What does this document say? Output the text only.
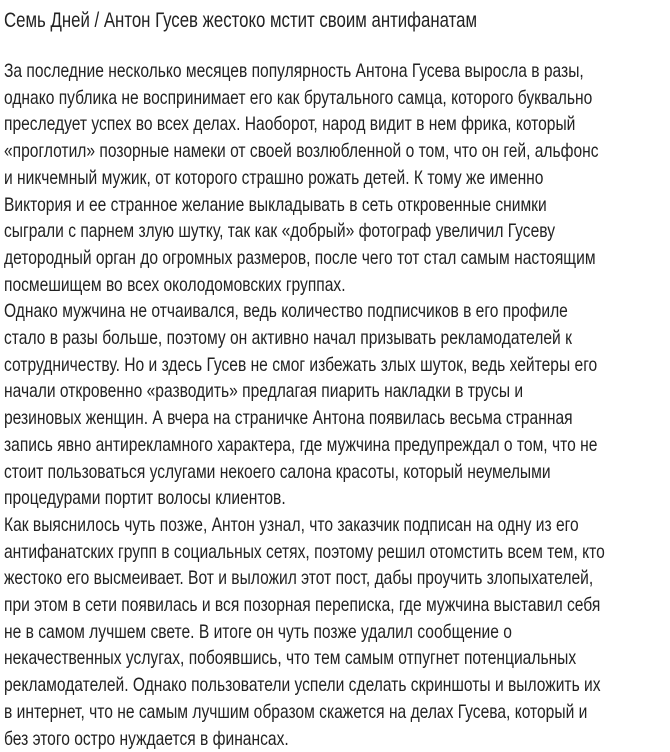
Семь Дней / Антон Гусев жестоко мстит своим антифанатам

За последние несколько месяцев популярность Антона Гусева выросла в разы,
однако публика не воспринимает его как брутального самца, которого буквально
преследует успех во всех делах. Наоборот, народ видит в нем фрика, который
«проглотил» позорные намеки от своей возлюбленной о том, что он гей, альфонс
и никчемный мужик, от которого страшно рожать детей. К тому же именно
Виктория и ее странное желание выкладывать в сеть откровенные снимки
сыграли с парнем злую шутку, так как «добрый» фотограф увеличил Гусеву
детородный орган до огромных размеров, после чего тот стал самым настоящим
посмешищем во всех околодомовских группах.

Однако мужчина не отчаивался, ведь количество подписчиков в его профиле
стало в разы больше, поэтому он активно начал призывать рекламодателей к
сотрудничеству. Но и здесь Гусев не смог избежать злых шуток, ведь хейтеры его
начали откровенно «разводить» предлагая пиарить накладки в трусы и
резиновых женщин. А вчера на страничке Антона появилась весьма странная
запись явно антирекламного характера, где мужчина предупреждал о том, что не
стоит пользоваться услугами некоего салона красоты, который неумелыми
процедурами портит волосы клиентов.

Как выяснилось чуть позже, Антон узнал, что заказчик подписан на одну из его
антифанатских групп в социальных сетях, поэтому решил отомстить всем тем, кто
жестоко его высмеивает. Вот и выложил этот пост, дабы проучить злопыхателей,
при этом в сети появилась и вся позорная переписка, где мужчина выставил себя
не в самом лучшем свете. В итоге он чуть позже удалил сообщение о
некачественных услугах, побоявшись, что тем самым отпугнет потенциальных
рекламодателей. Однако пользователи успели сделать скриншоты и выложить их
в интернет, что не самым лучшим образом скажется на делах Гусева, который и
без этого остро нуждается в финансах.
